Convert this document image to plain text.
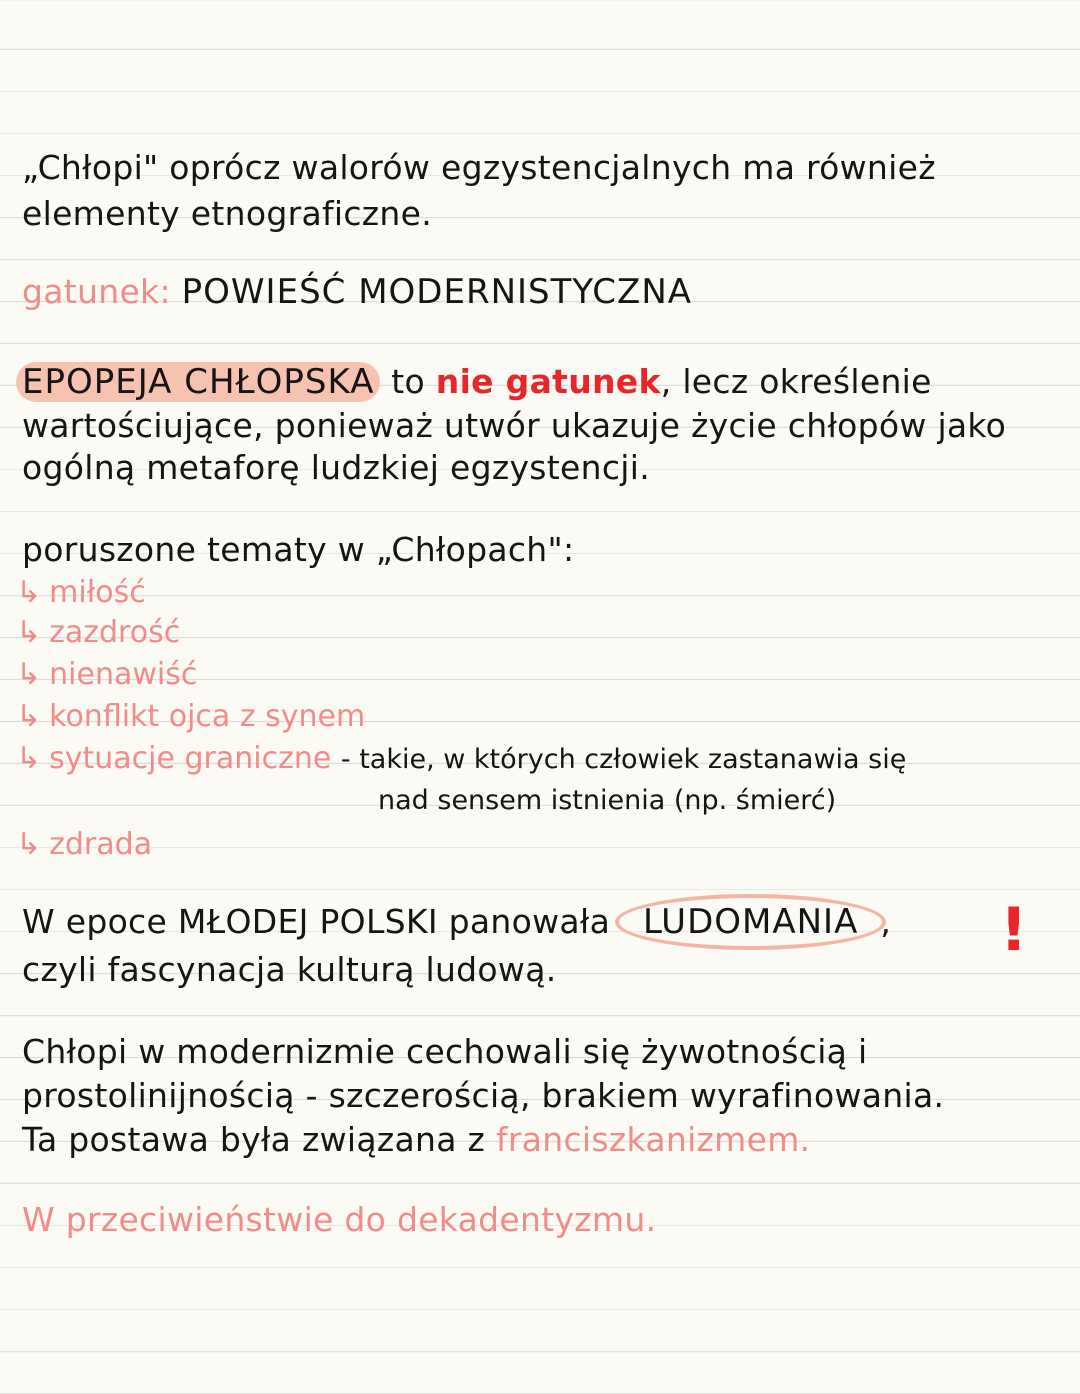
„Chłopi" oprócz walorów egzystencjalnych ma również
elementy etnograficzne.
gatunek: POWIEŚĆ MODERNISTYCZNA
EPOPEJA CHŁOPSKA to nie gatunek, lecz określenie
wartościujące, ponieważ utwór ukazuje życie chłopów jako
ogólną metaforę ludzkiej egzystencji.
poruszone tematy w „Chłopach":
↳ miłość
↳ zazdrość
↳ nienawiść
↳ konflikt ojca z synem
↳ sytuacje graniczne - takie, w których człowiek zastanawia się
nad sensem istnienia (np. śmierć)
↳ zdrada
W epoce MŁODEJ POLSKI panowała LUDOMANIA , !
czyli fascynacja kulturą ludową.
Chłopi w modernizmie cechowali się żywotnością i
prostolinijnością - szczerością, brakiem wyrafinowania.
Ta postawa była związana z franciszkanizmem.
W przeciwieństwie do dekadentyzmu.
